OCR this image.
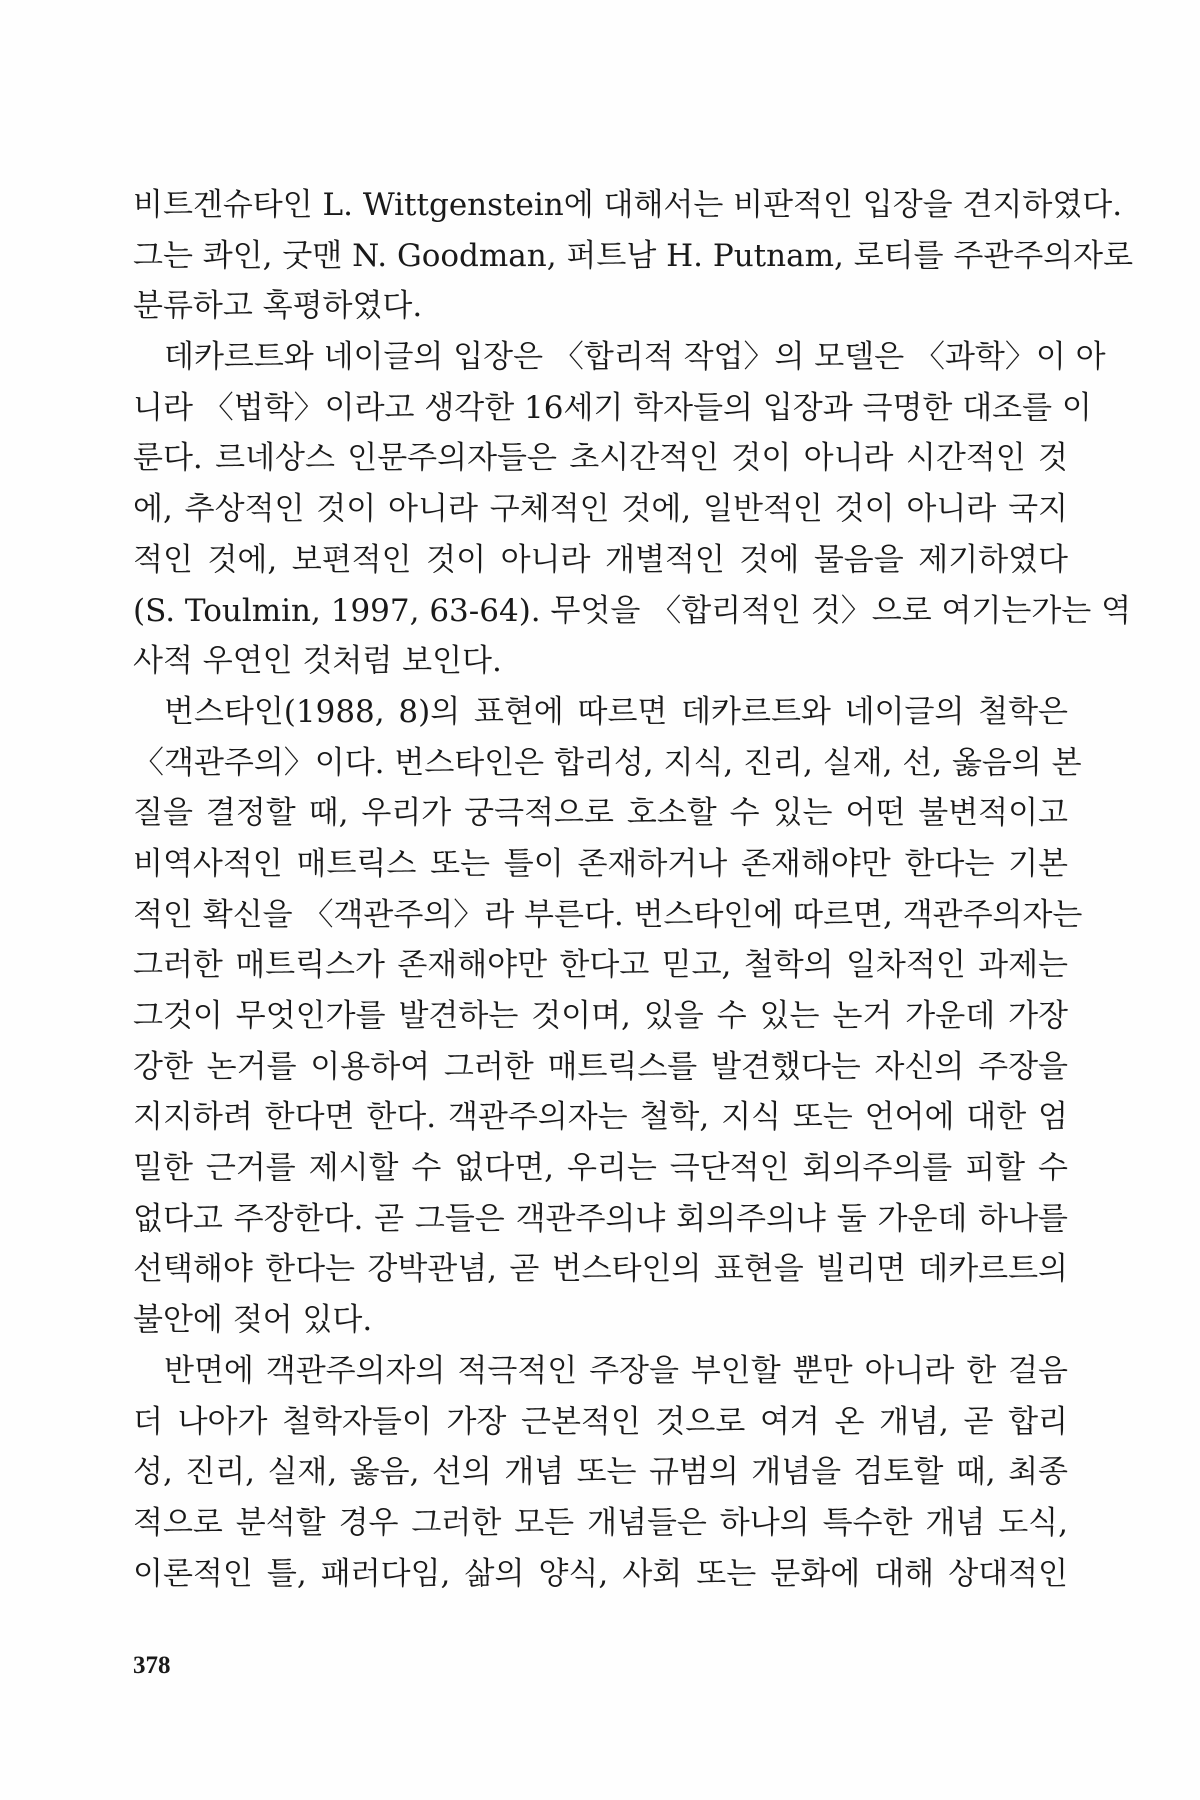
비트겐슈타인 L. Wittgenstein에 대해서는 비판적인 입장을 견지하였다.
그는 콰인, 굿맨 N. Goodman, 퍼트남 H. Putnam, 로티를 주관주의자로
분류하고 혹평하였다.
데카르트와 네이글의 입장은 〈합리적 작업〉의 모델은 〈과학〉이 아
니라 〈법학〉이라고 생각한 16세기 학자들의 입장과 극명한 대조를 이
룬다. 르네상스 인문주의자들은 초시간적인 것이 아니라 시간적인 것
에, 추상적인 것이 아니라 구체적인 것에, 일반적인 것이 아니라 국지
적인 것에, 보편적인 것이 아니라 개별적인 것에 물음을 제기하였다
(S. Toulmin, 1997, 63-64). 무엇을 〈합리적인 것〉으로 여기는가는 역
사적 우연인 것처럼 보인다.
번스타인(1988, 8)의 표현에 따르면 데카르트와 네이글의 철학은
〈객관주의〉이다. 번스타인은 합리성, 지식, 진리, 실재, 선, 옳음의 본
질을 결정할 때, 우리가 궁극적으로 호소할 수 있는 어떤 불변적이고
비역사적인 매트릭스 또는 틀이 존재하거나 존재해야만 한다는 기본
적인 확신을 〈객관주의〉라 부른다. 번스타인에 따르면, 객관주의자는
그러한 매트릭스가 존재해야만 한다고 믿고, 철학의 일차적인 과제는
그것이 무엇인가를 발견하는 것이며, 있을 수 있는 논거 가운데 가장
강한 논거를 이용하여 그러한 매트릭스를 발견했다는 자신의 주장을
지지하려 한다면 한다. 객관주의자는 철학, 지식 또는 언어에 대한 엄
밀한 근거를 제시할 수 없다면, 우리는 극단적인 회의주의를 피할 수
없다고 주장한다. 곧 그들은 객관주의냐 회의주의냐 둘 가운데 하나를
선택해야 한다는 강박관념, 곧 번스타인의 표현을 빌리면 데카르트의
불안에 젖어 있다.
반면에 객관주의자의 적극적인 주장을 부인할 뿐만 아니라 한 걸음
더 나아가 철학자들이 가장 근본적인 것으로 여겨 온 개념, 곧 합리
성, 진리, 실재, 옳음, 선의 개념 또는 규범의 개념을 검토할 때, 최종
적으로 분석할 경우 그러한 모든 개념들은 하나의 특수한 개념 도식,
이론적인 틀, 패러다임, 삶의 양식, 사회 또는 문화에 대해 상대적인
378
